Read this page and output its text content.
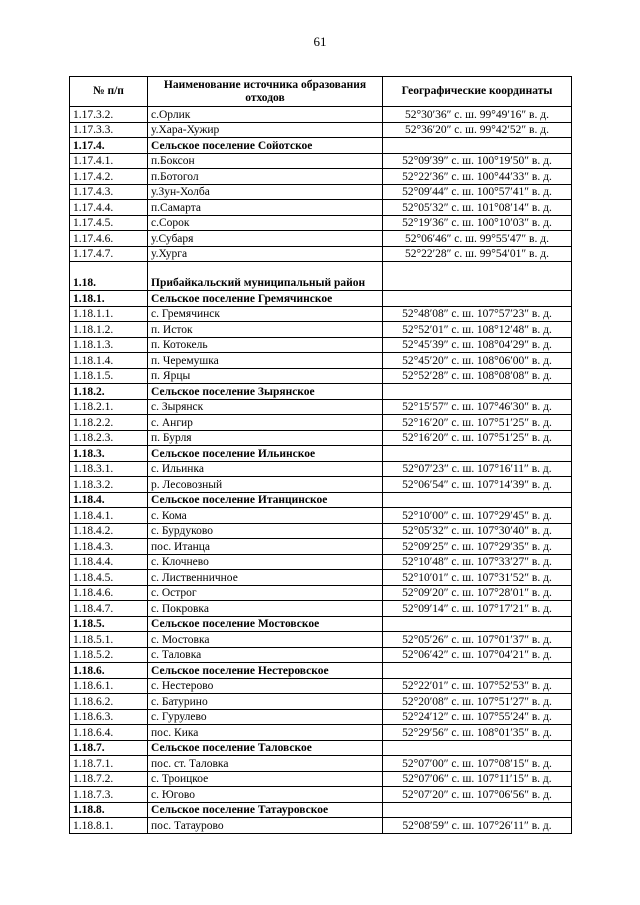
61
№ п/п	Наименование источника образования отходов	Географические координаты
1.17.3.2.	с.Орлик	52°30′36″ с. ш. 99°49′16″ в. д.
1.17.3.3.	у.Хара-Хужир	52°36′20″ с. ш. 99°42′52″ в. д.
1.17.4.	Сельское поселение Сойотское	
1.17.4.1.	п.Боксон	52°09′39″ с. ш. 100°19′50″ в. д.
1.17.4.2.	п.Ботогол	52°22′36″ с. ш. 100°44′33″ в. д.
1.17.4.3.	у.Зун-Холба	52°09′44″ с. ш. 100°57′41″ в. д.
1.17.4.4.	п.Самарта	52°05′32″ с. ш. 101°08′14″ в. д.
1.17.4.5.	с.Сорок	52°19′36″ с. ш. 100°10′03″ в. д.
1.17.4.6.	у.Субаря	52°06′46″ с. ш. 99°55′47″ в. д.
1.17.4.7.	у.Хурга	52°22′28″ с. ш. 99°54′01″ в. д.
1.18.	Прибайкальский муниципальный район	
1.18.1.	Сельское поселение Гремячинское	
1.18.1.1.	с. Гремячинск	52°48′08″ с. ш. 107°57′23″ в. д.
1.18.1.2.	п. Исток	52°52′01″ с. ш. 108°12′48″ в. д.
1.18.1.3.	п. Котокель	52°45′39″ с. ш. 108°04′29″ в. д.
1.18.1.4.	п. Черемушка	52°45′20″ с. ш. 108°06′00″ в. д.
1.18.1.5.	п. Ярцы	52°52′28″ с. ш. 108°08′08″ в. д.
1.18.2.	Сельское поселение Зырянское	
1.18.2.1.	с. Зырянск	52°15′57″ с. ш. 107°46′30″ в. д.
1.18.2.2.	с. Ангир	52°16′20″ с. ш. 107°51′25″ в. д.
1.18.2.3.	п. Бурля	52°16′20″ с. ш. 107°51′25″ в. д.
1.18.3.	Сельское поселение Ильинское	
1.18.3.1.	с. Ильинка	52°07′23″ с. ш. 107°16′11″ в. д.
1.18.3.2.	р. Лесовозный	52°06′54″ с. ш. 107°14′39″ в. д.
1.18.4.	Сельское поселение Итанцинское	
1.18.4.1.	с. Кома	52°10′00″ с. ш. 107°29′45″ в. д.
1.18.4.2.	с. Бурдуково	52°05′32″ с. ш. 107°30′40″ в. д.
1.18.4.3.	пос. Итанца	52°09′25″ с. ш. 107°29′35″ в. д.
1.18.4.4.	с. Клочнево	52°10′48″ с. ш. 107°33′27″ в. д.
1.18.4.5.	с. Лиственничное	52°10′01″ с. ш. 107°31′52″ в. д.
1.18.4.6.	с. Острог	52°09′20″ с. ш. 107°28′01″ в. д.
1.18.4.7.	с. Покровка	52°09′14″ с. ш. 107°17′21″ в. д.
1.18.5.	Сельское поселение Мостовское	
1.18.5.1.	с. Мостовка	52°05′26″ с. ш. 107°01′37″ в. д.
1.18.5.2.	с. Таловка	52°06′42″ с. ш. 107°04′21″ в. д.
1.18.6.	Сельское поселение Нестеровское	
1.18.6.1.	с. Нестерово	52°22′01″ с. ш. 107°52′53″ в. д.
1.18.6.2.	с. Батурино	52°20′08″ с. ш. 107°51′27″ в. д.
1.18.6.3.	с. Гурулево	52°24′12″ с. ш. 107°55′24″ в. д.
1.18.6.4.	пос. Кика	52°29′56″ с. ш. 108°01′35″ в. д.
1.18.7.	Сельское поселение Таловское	
1.18.7.1.	пос. ст. Таловка	52°07′00″ с. ш. 107°08′15″ в. д.
1.18.7.2.	с. Троицкое	52°07′06″ с. ш. 107°11′15″ в. д.
1.18.7.3.	с. Югово	52°07′20″ с. ш. 107°06′56″ в. д.
1.18.8.	Сельское поселение Татауровское	
1.18.8.1.	пос. Татаурово	52°08′59″ с. ш. 107°26′11″ в. д.
